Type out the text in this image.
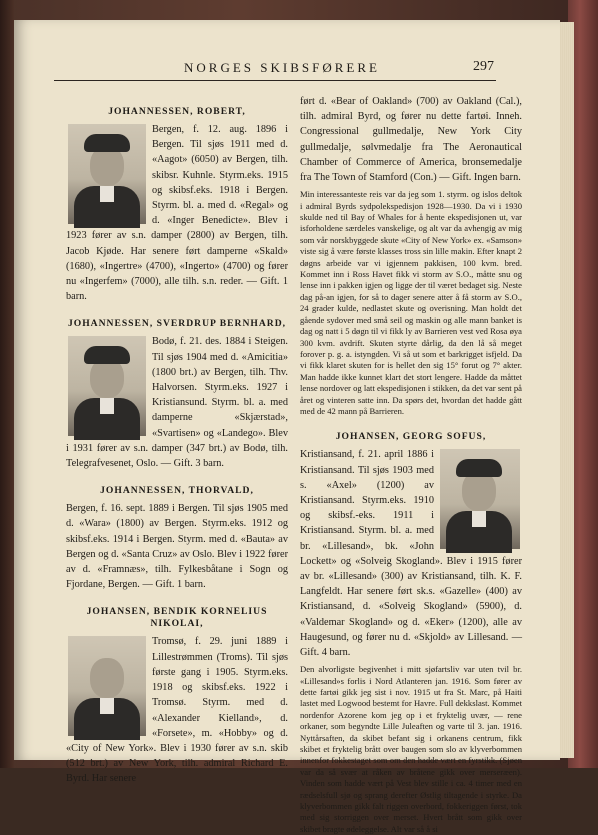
NORGES SKIBSFØRERE	297
JOHANNESSEN, ROBERT,

Bergen, f. 12. aug. 1896 i Bergen. Til sjøs 1911 med d. «Aagot» (6050) av Bergen, tilh. skibsr. Kuhnle. Styrm.eks. 1915 og skibsf.eks. 1918 i Bergen. Styrm. bl. a. med d. «Regal» og d. «Inger Benedicte». Blev i 1923 fører av s.n. damper (2800) av Bergen, tilh. Jacob Kjøde. Har senere ført damperne «Skald» (1680), «Ingertre» (4700), «Ingerto» (4700) og fører nu «Ingerfem» (7000), alle tilh. s.n. reder. — Gift. 1 barn.

JOHANNESSEN, SVERDRUP BERNHARD,

Bodø, f. 21. des. 1884 i Steigen. Til sjøs 1904 med d. «Amicitia» (1800 brt.) av Bergen, tilh. Thv. Halvorsen. Styrm.eks. 1927 i Kristiansund. Styrm. bl. a. med damperne «Skjærstad», «Svartisen» og «Landego». Blev i 1931 fører av s.n. damper (347 brt.) av Bodø, tilh. Telegrafvesenet, Oslo. — Gift. 3 barn.

JOHANNESSEN, THORVALD,

Bergen, f. 16. sept. 1889 i Bergen. Til sjøs 1905 med d. «Wara» (1800) av Bergen. Styrm.eks. 1912 og skibsf.eks. 1914 i Bergen. Styrm. med d. «Bauta» av Bergen og d. «Santa Cruz» av Oslo. Blev i 1922 fører av d. «Framnæs», tilh. Fylkesbåtane i Sogn og Fjordane, Bergen. — Gift. 1 barn.

JOHANSEN, BENDIK KORNELIUS NIKOLAI,

Tromsø, f. 29. juni 1889 i Lillestrømmen (Troms). Til sjøs første gang i 1905. Styrm.eks. 1918 og skibsf.eks. 1922 i Tromsø. Styrm. med d. «Alexander Kielland», d. «Forsete», m. «Hobby» og d. «City of New York». Blev i 1930 fører av s.n. skib (512 brt.) av New York, tilh. admiral Richard E. Byrd. Har senere

ført d. «Bear of Oakland» (700) av Oakland (Cal.), tilh. admiral Byrd, og fører nu dette fartøi. Inneh. Congressional gullmedalje, New York City gullmedalje, sølvmedalje fra The Aeronautical Chamber of Commerce of America, bronsemedalje fra The Town of Stamford (Con.) — Gift. Ingen barn.

Min interessanteste reis var da jeg som 1. styrm. og islos deltok i admiral Byrds sydpolekspedisjon 1928—1930. Da vi i 1930 skulde ned til Bay of Whales for å hente ekspedisjonen ut, var isforholdene særdeles vanskelige, og alt var da avhengig av mig som vår norskbyggede skute «City of New York» ex. «Samson» viste sig å være første klasses tross sin lille makin. Efter knapt 2 døgns arbeide var vi igjennem pakkisen, 100 kvm. bred. Kommet inn i Ross Havet fikk vi storm av S.O., måtte snu og lense inn i pakken igjen og ligge der til været bedaget sig. Neste dag på-an igjen, for så to dager senere atter å få storm av S.O., 24 grader kulde, nedlastet skute og overisning. Man holdt det gående sydover med små seil og maskin og alle mann banket is dag og natt i 5 døgn til vi fikk ly av Barrieren vest ved Rosa øya 300 kvm. avdrift. Skuten styrte dårlig, da den lå så meget forover p. g. a. istyngden. Vi så ut som et barkrigget isfjeld. Da vi fikk klaret skuten for is hellet den sig 15° forut og 7° akter. Man hadde ikke kunnet klart det stort lengere. Hadde da måttet lense nordover og latt ekspedisjonen i stikken, da det var sent på året og vinteren satte inn. Da spørs det, hvordan det hadde gått med de 42 mann på Barrieren.

JOHANSEN, GEORG SOFUS,

Kristiansand, f. 21. april 1886 i Kristiansand. Til sjøs 1903 med s. «Axel» (1200) av Kristiansand. Styrm.eks. 1910 og skibsf.-eks. 1911 i Kristiansand. Styrm. bl. a. med br. «Lillesand», bk. «John Lockett» og «Solveig Skogland». Blev i 1915 fører av br. «Lillesand» (300) av Kristiansand, tilh. K. F. Langfeldt. Har senere ført sk.s. «Gazelle» (400) av Kristiansand, d. «Solveig Skogland» (5900), d. «Valdemar Skogland» og d. «Eker» (1200), alle av Haugesund, og fører nu d. «Skjold» av Lillesand. — Gift. 4 barn.

Den alvorligste begivenhet i mitt sjøfartsliv var uten tvil br. «Lillesand»s forlis i Nord Atlanteren jan. 1916. Som fører av dette fartøi gikk jeg sist i nov. 1915 ut fra St. Marc, på Haiti lastet med Logwood bestemt for Havre. Full dekkslast. Kommet nordenfor Azorene kom jeg op i et fryktelig uvær, — rene orkaner, som begyndte Lille Juleaften og varte til 3. jan. 1916. Nyttårsaften, da skibet befant sig i orkanens centrum, fikk skibet et fryktelig brått over baugen som slo av klyverbommen innenfor fokkestaget som om den hadde vært en fyrstikk. (Sjøen var da så svær at råken av bråtene gikk over merseræen). Vinden som hadde vært på Vest blev stille i ca. 4 timer med en rædselsfull sjø og sprang derefter Østlig tiltagende i styrke. Da klyverbommen gikk falt riggen overbord, fokkeriggen først, tok med sig storriggen over merset. Hvert brått som gikk over skibet bragte ødeleggelse. Alt var så å si
